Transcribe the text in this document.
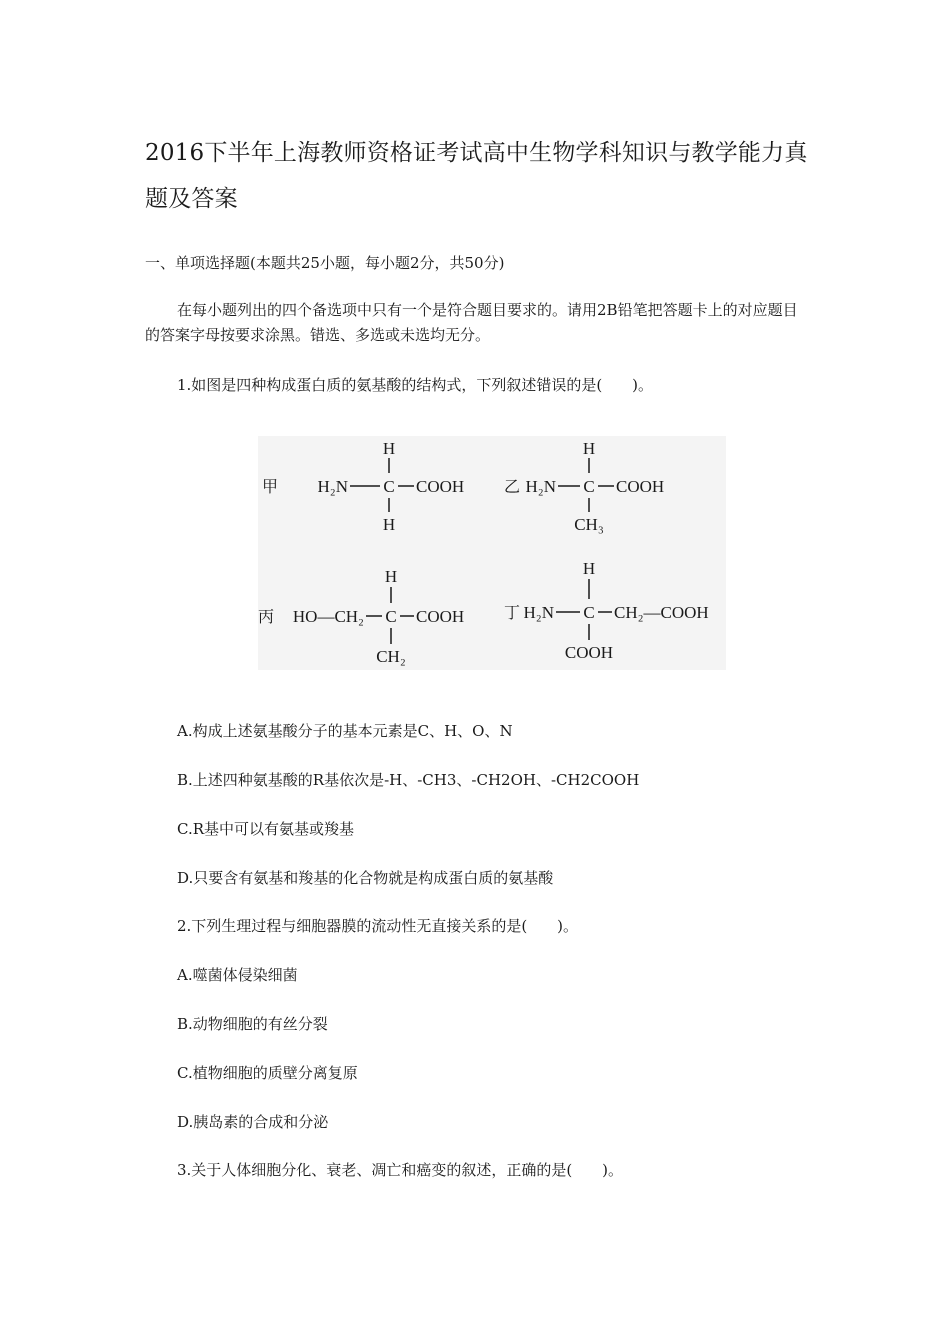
2016下半年上海教师资格证考试高中生物学科知识与教学能力真题及答案

一、单项选择题(本题共25小题，每小题2分，共50分)

在每小题列出的四个备选项中只有一个是符合题目要求的。请用2B铅笔把答题卡上的对应题目的答案字母按要求涂黑。错选、多选或未选均无分。

1.如图是四种构成蛋白质的氨基酸的结构式，下列叙述错误的是(　　)。

甲 H₂N C COOH
H
H
乙 H₂N C COOH
H
CH₃
丙 HO—CH₂ C COOH
H
CH₂
丁 H₂N C CH₂—COOH
H
COOH

A.构成上述氨基酸分子的基本元素是C、H、O、N

B.上述四种氨基酸的R基依次是-H、-CH3、-CH2OH、-CH2COOH

C.R基中可以有氨基或羧基

D.只要含有氨基和羧基的化合物就是构成蛋白质的氨基酸

2.下列生理过程与细胞器膜的流动性无直接关系的是(　　)。

A.噬菌体侵染细菌

B.动物细胞的有丝分裂

C.植物细胞的质壁分离复原

D.胰岛素的合成和分泌

3.关于人体细胞分化、衰老、凋亡和癌变的叙述，正确的是(　　)。
